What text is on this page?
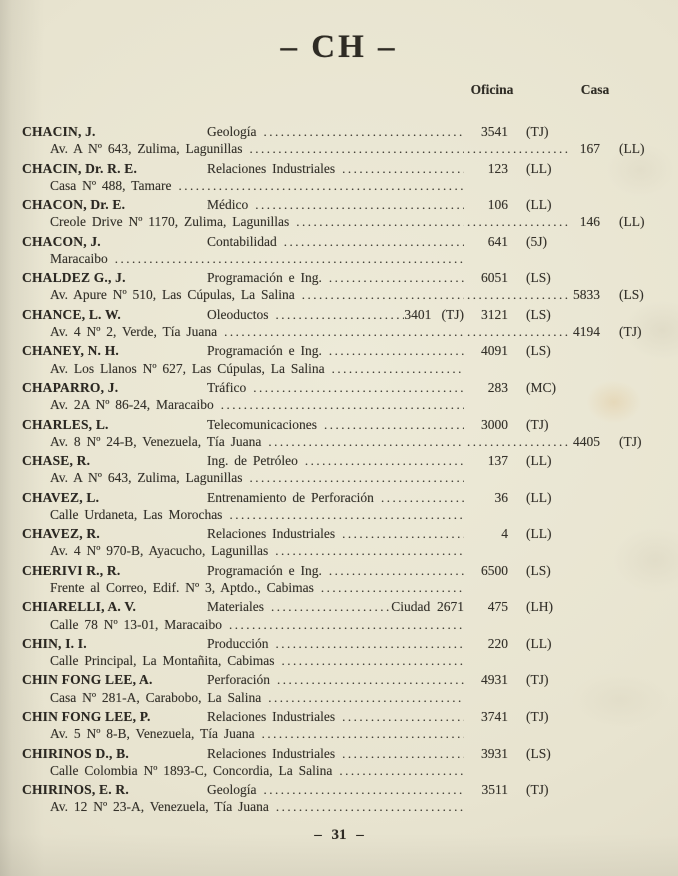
– CH –
Oficina	Casa
CHACIN, J.	Geología .....	3541 (TJ)
Av. A Nº 643, Zulima, Lagunillas ..... .....	167 (LL)
CHACIN, Dr. R. E.	Relaciones Industriales .....	123 (LL)
Casa Nº 488, Tamare
.....
CHACON, Dr. E.	Médico .....	106 (LL)
Creole Drive Nº 1170, Zulima, Lagunillas ..... .....	146 (LL)
CHACON, J.	Contabilidad .....	641 (5J)
Maracaibo
.....
CHALDEZ G., J.	Programación e Ing. .....	6051 (LS)
Av. Apure Nº 510, Las Cúpulas, La Salina ..... .....	5833 (LS)
CHANCE, L. W.	Oleoductos .....	3401   (TJ)	3121 (LS)
Av. 4 Nº 2, Verde, Tía Juana ..... .....	4194 (TJ)
CHANEY, N. H.	Programación e Ing. .....	4091 (LS)
Av. Los Llanos Nº 627, Las Cúpulas, La Salina
.....
CHAPARRO, J.	Tráfico .....	283 (MC)
Av. 2A Nº 86-24, Maracaibo
.....
CHARLES, L.	Telecomunicaciones .....	3000 (TJ)
Av. 8 Nº 24-B, Venezuela, Tía Juana ..... .....	4405 (TJ)
CHASE, R.	Ing. de Petróleo .....	137 (LL)
Av. A Nº 643, Zulima, Lagunillas
.....
CHAVEZ, L.	Entrenamiento de Perforación .....	36 (LL)
Calle Urdaneta, Las Morochas
.....
CHAVEZ, R.	Relaciones Industriales .....	4 (LL)
Av. 4 Nº 970-B, Ayacucho, Lagunillas
.....
CHERIVI R., R.	Programación e Ing. .....	6500 (LS)
Frente al Correo, Edif. Nº 3, Aptdo., Cabimas
.....
CHIARELLI, A. V.	Materiales .....	Ciudad  2671	475 (LH)
Calle 78 Nº 13-01, Maracaibo
.....
CHIN, I. I.	Producción .....	220 (LL)
Calle Principal, La Montañita, Cabimas
.....
CHIN FONG LEE, A.	Perforación .....	4931 (TJ)
Casa Nº 281-A, Carabobo, La Salina
.....
CHIN FONG LEE, P.	Relaciones Industriales .....	3741 (TJ)
Av. 5 Nº 8-B, Venezuela, Tía Juana
.....
CHIRINOS D., B.	Relaciones Industriales .....	3931 (LS)
Calle Colombia Nº 1893-C, Concordia, La Salina
.....
CHIRINOS, E. R.	Geología .....	3511 (TJ)
Av. 12 Nº 23-A, Venezuela, Tía Juana
.....
– 31 –
